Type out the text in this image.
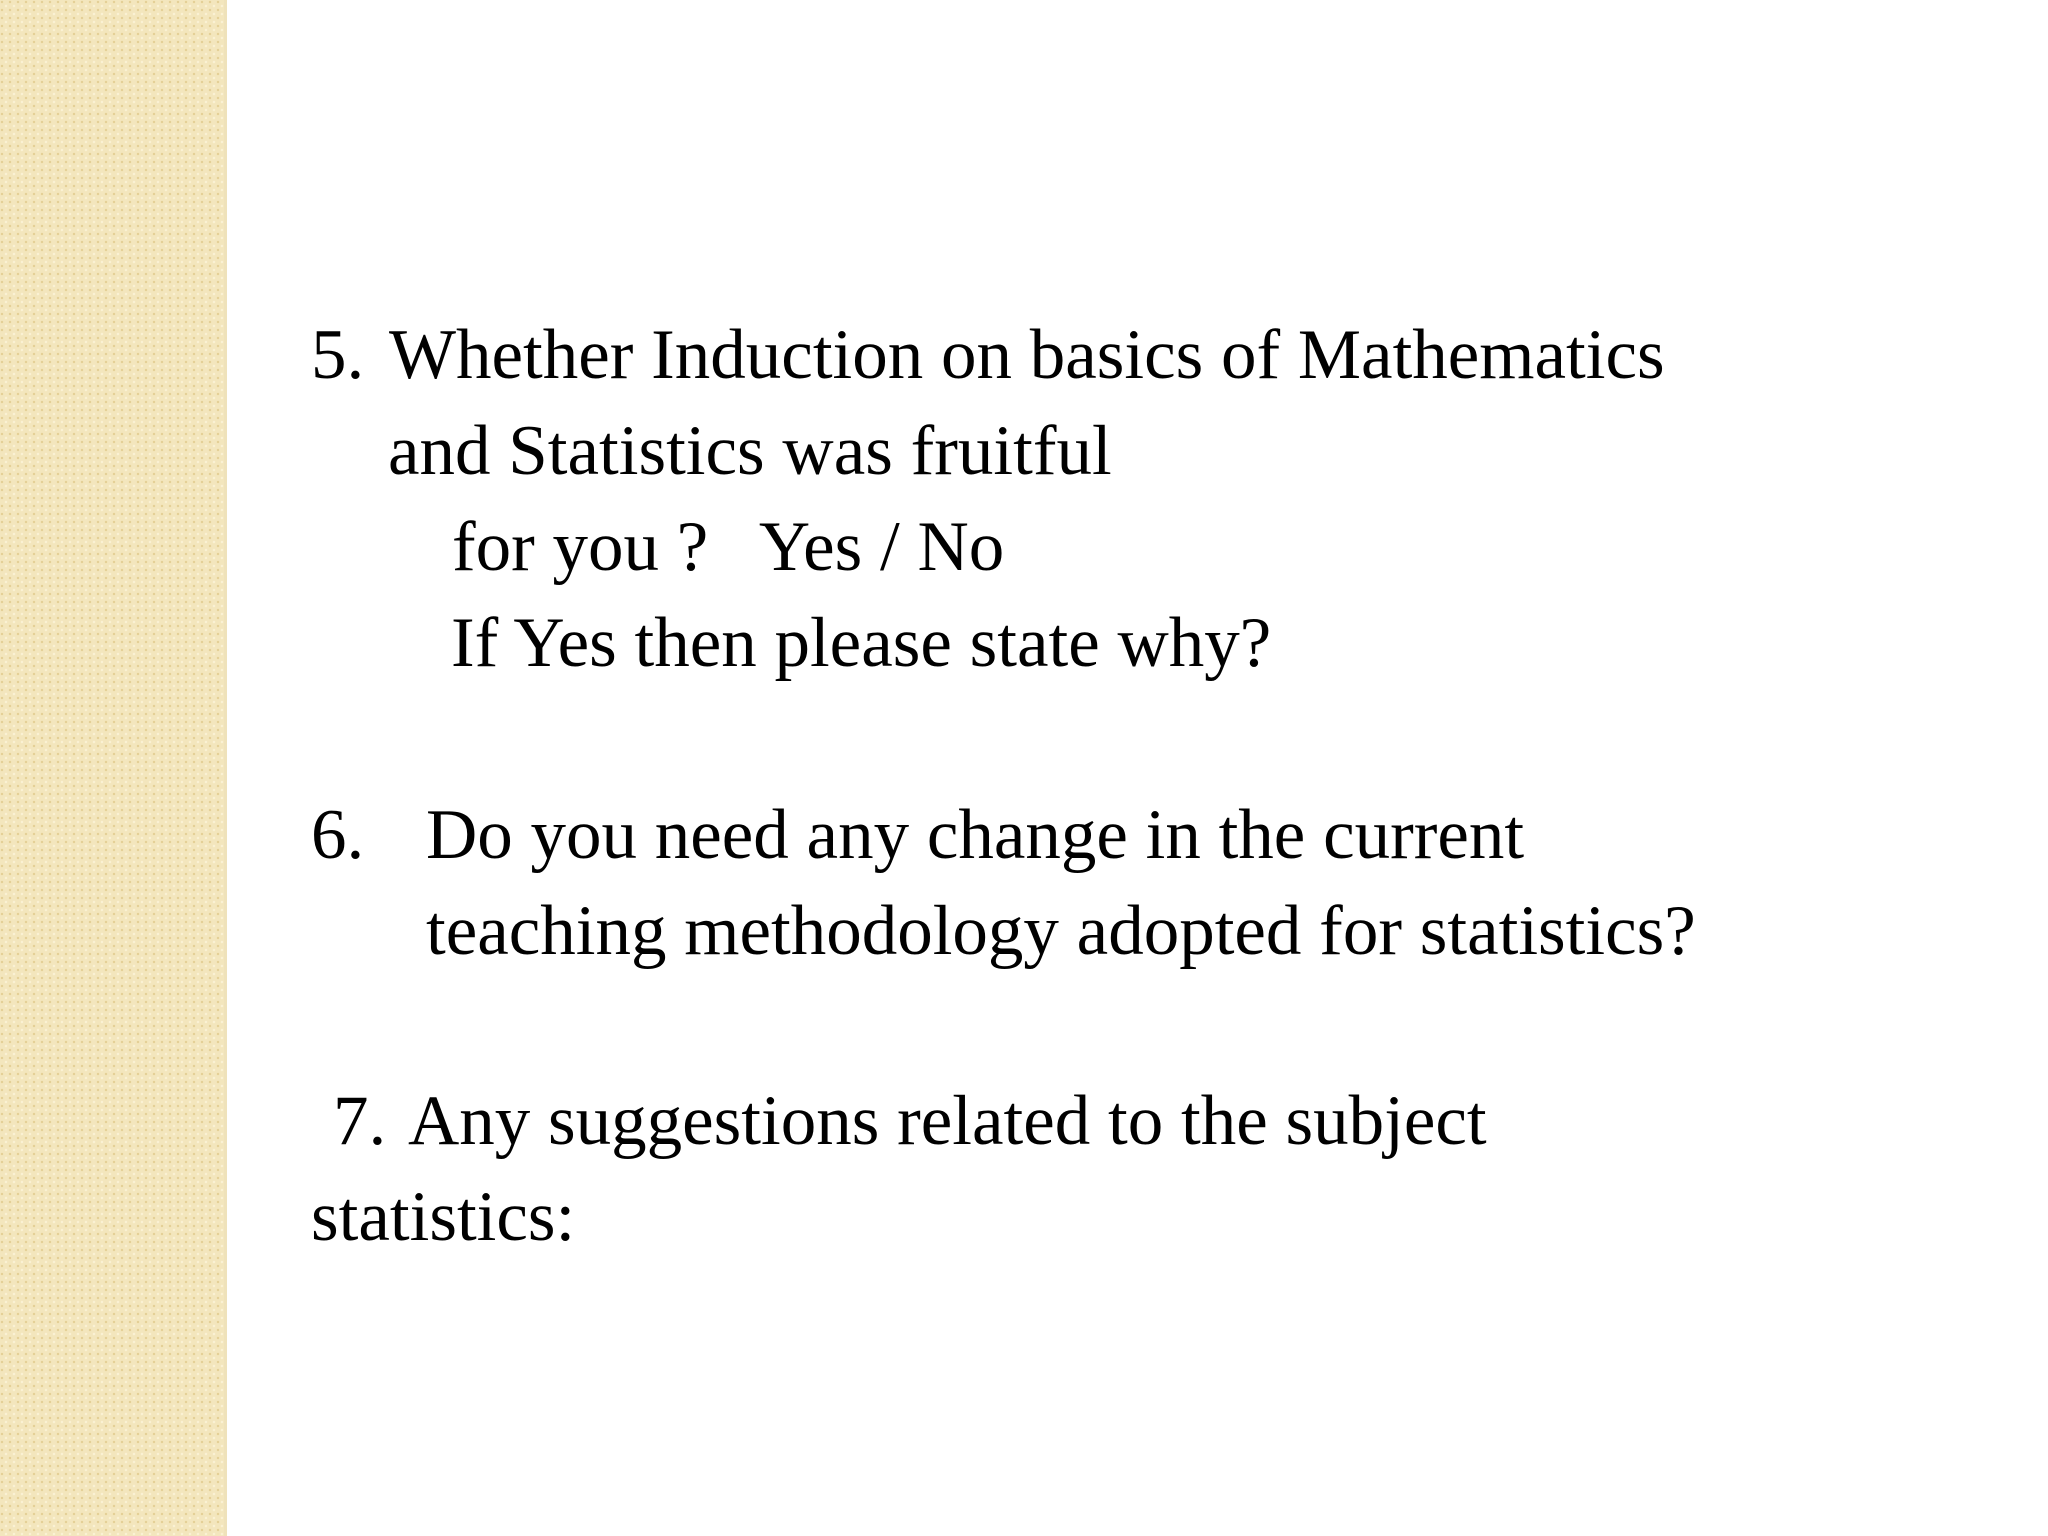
5. Whether Induction on basics of Mathematics
and Statistics was fruitful
for you ?   Yes / No
If Yes then please state why?
6. Do you need any change in the current
teaching methodology adopted for statistics?
7. Any suggestions related to the subject
statistics:
